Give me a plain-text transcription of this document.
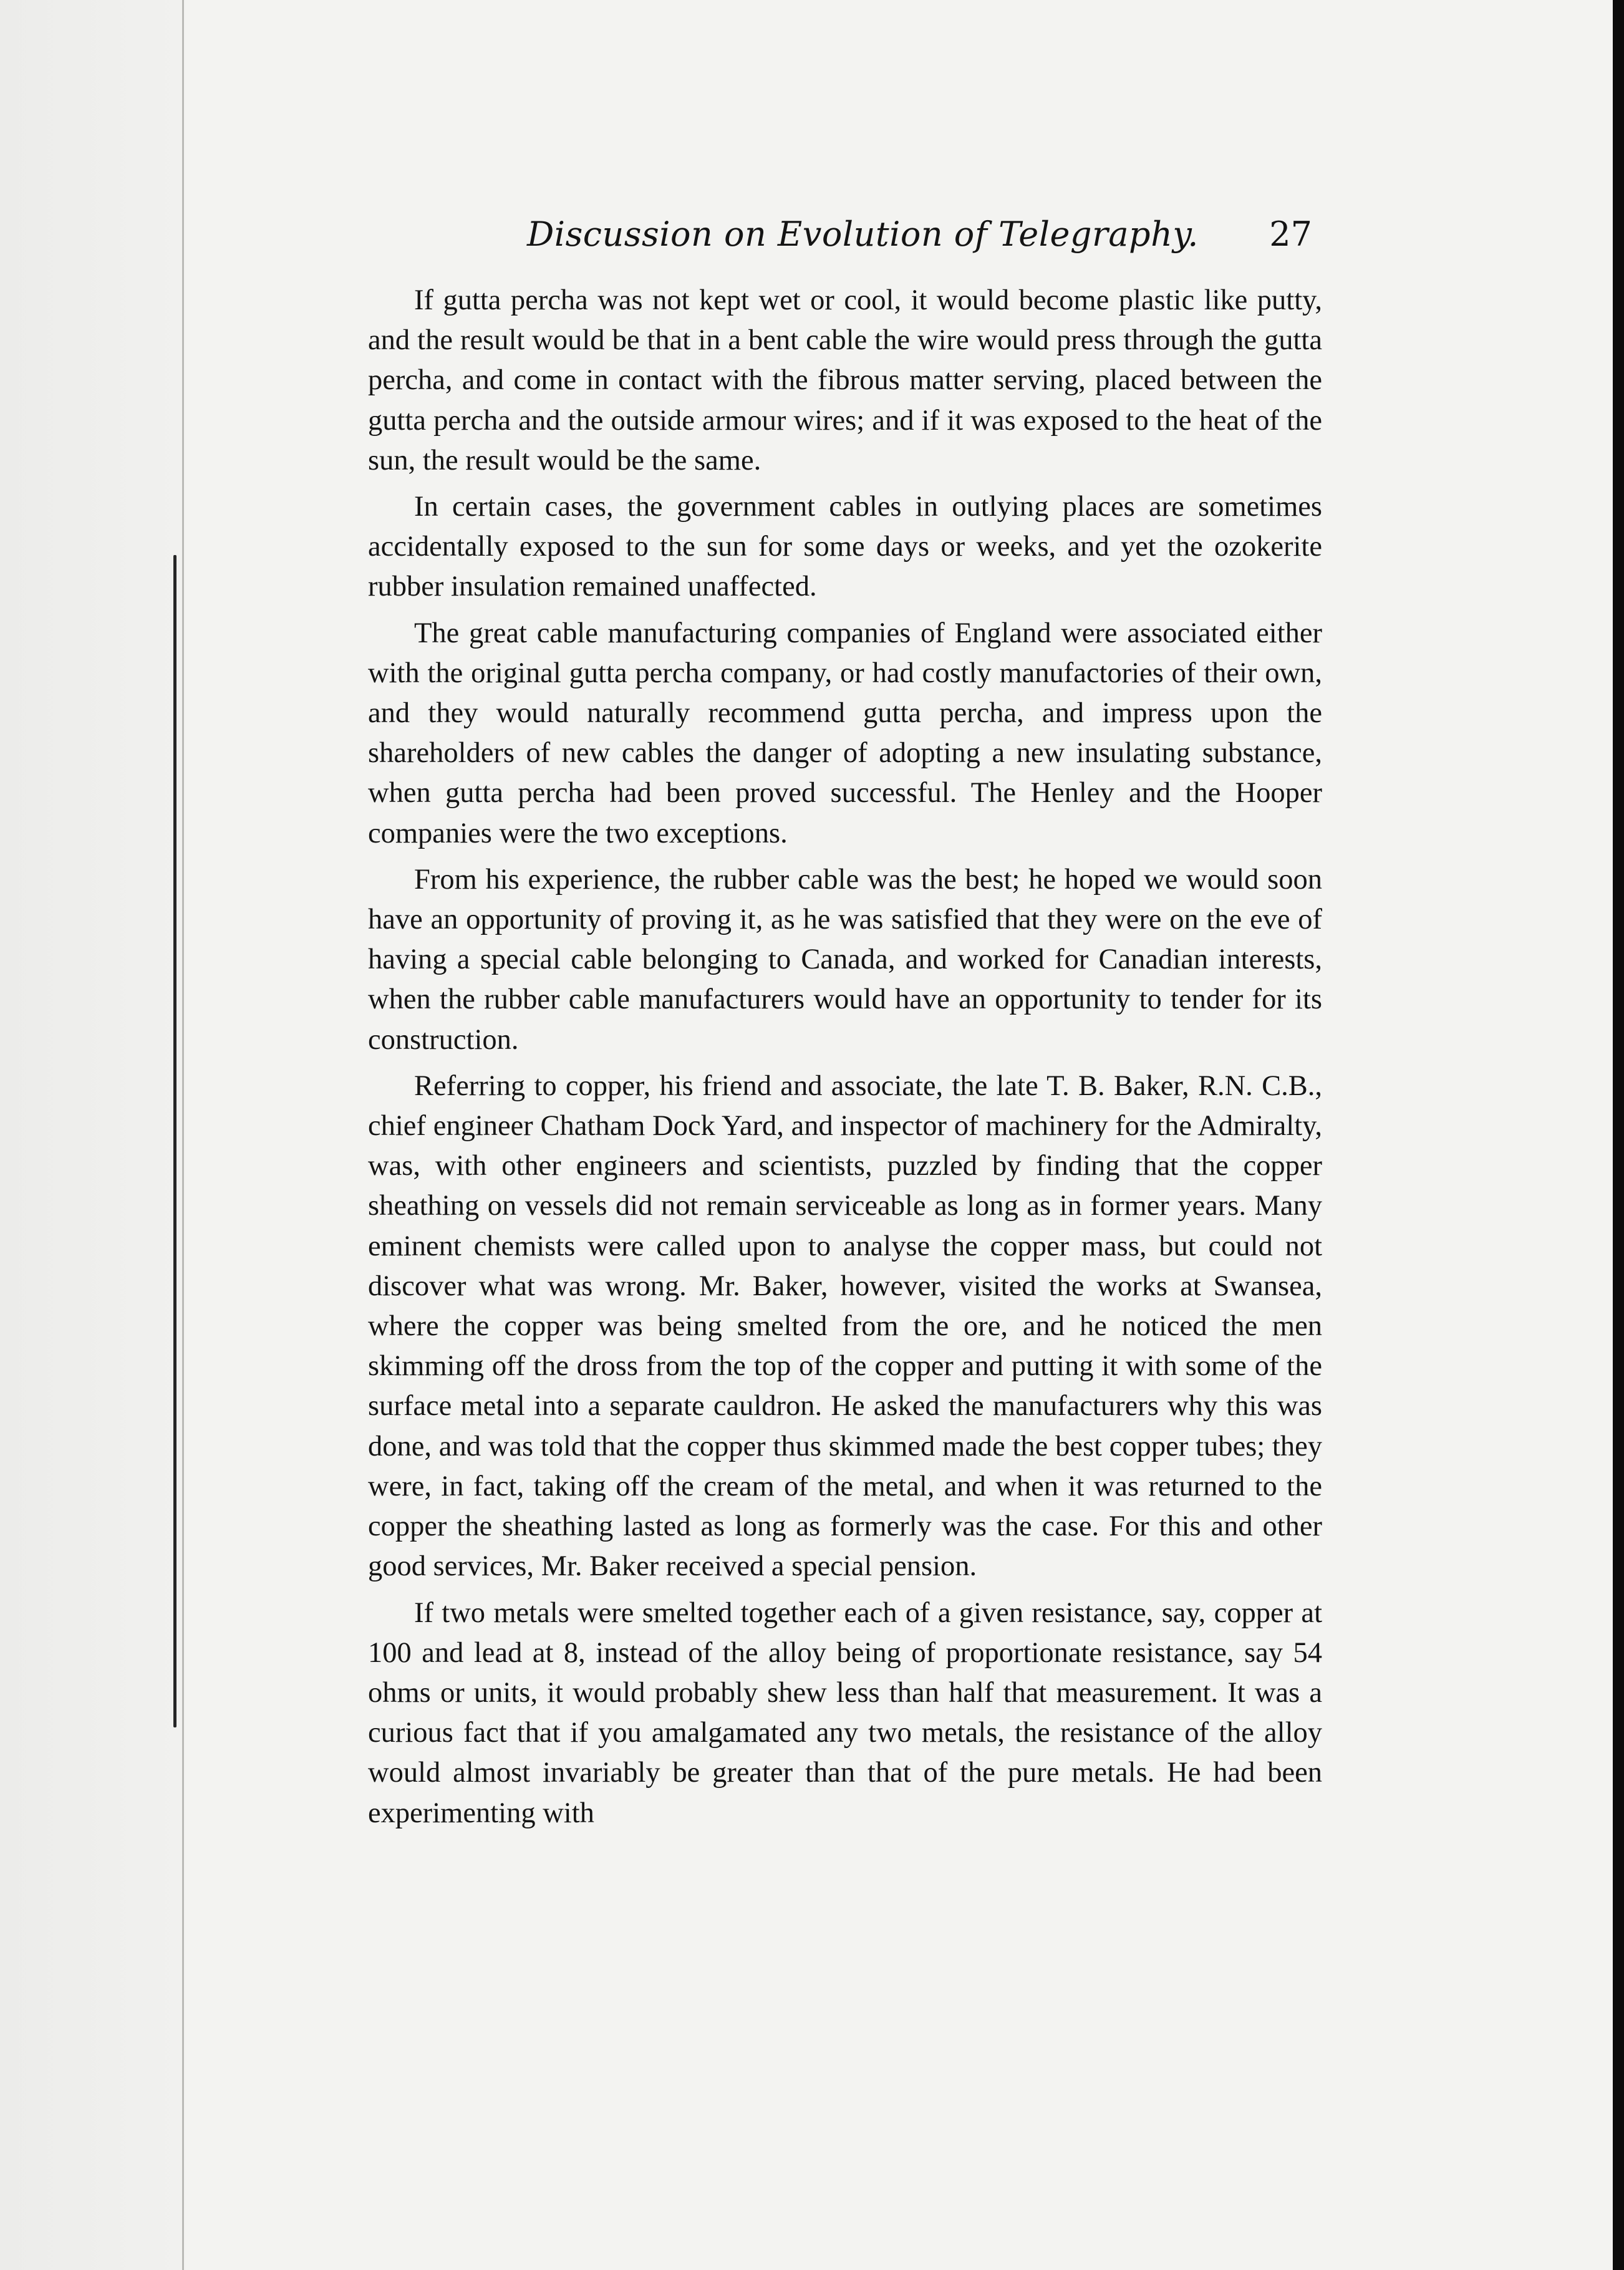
Discussion on Evolution of Telegraphy. 27

If gutta percha was not kept wet or cool, it would become plastic like putty, and the result would be that in a bent cable the wire would press through the gutta percha, and come in contact with the fibrous matter serving, placed between the gutta percha and the outside armour wires; and if it was exposed to the heat of the sun, the result would be the same.

In certain cases, the government cables in outlying places are sometimes accidentally exposed to the sun for some days or weeks, and yet the ozokerite rubber insulation remained unaffected.

The great cable manufacturing companies of England were associated either with the original gutta percha company, or had costly manufactories of their own, and they would naturally recommend gutta percha, and impress upon the shareholders of new cables the danger of adopting a new insulating substance, when gutta percha had been proved successful. The Henley and the Hooper companies were the two exceptions.

From his experience, the rubber cable was the best; he hoped we would soon have an opportunity of proving it, as he was satisfied that they were on the eve of having a special cable belonging to Canada, and worked for Canadian interests, when the rubber cable manufacturers would have an opportunity to tender for its construction.

Referring to copper, his friend and associate, the late T. B. Baker, R.N. C.B., chief engineer Chatham Dock Yard, and inspector of machinery for the Admiralty, was, with other engineers and scientists, puzzled by finding that the copper sheathing on vessels did not remain serviceable as long as in former years. Many eminent chemists were called upon to analyse the copper mass, but could not discover what was wrong. Mr. Baker, however, visited the works at Swansea, where the copper was being smelted from the ore, and he noticed the men skimming off the dross from the top of the copper and putting it with some of the surface metal into a separate cauldron. He asked the manufacturers why this was done, and was told that the copper thus skimmed made the best copper tubes; they were, in fact, taking off the cream of the metal, and when it was returned to the copper the sheathing lasted as long as formerly was the case. For this and other good services, Mr. Baker received a special pension.

If two metals were smelted together each of a given resistance, say, copper at 100 and lead at 8, instead of the alloy being of proportionate resistance, say 54 ohms or units, it would probably shew less than half that measurement. It was a curious fact that if you amalgamated any two metals, the resistance of the alloy would almost invariably be greater than that of the pure metals. He had been experimenting with
